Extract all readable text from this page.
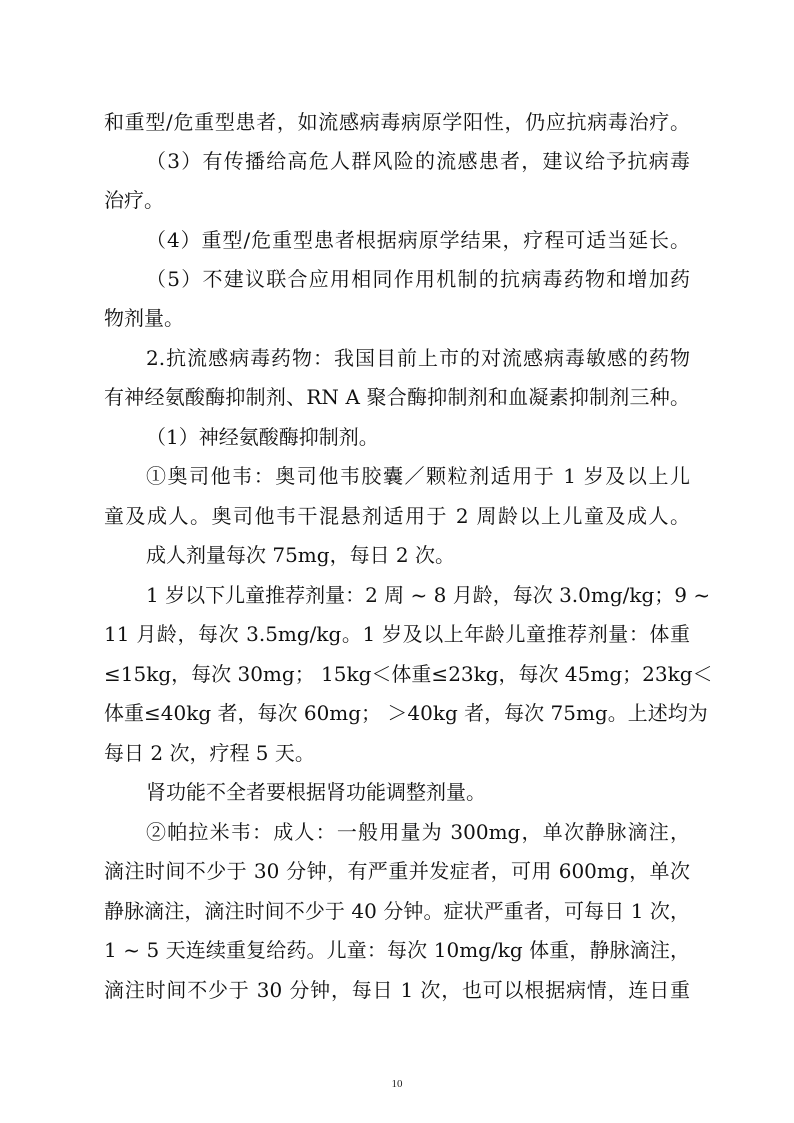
和重型/危重型患者，如流感病毒病原学阳性，仍应抗病毒治疗。
（3）有传播给高危人群风险的流感患者，建议给予抗病毒
治疗。
（4）重型/危重型患者根据病原学结果，疗程可适当延长。
（5）不建议联合应用相同作用机制的抗病毒药物和增加药
物剂量。
2.抗流感病毒药物：我国目前上市的对流感病毒敏感的药物
有神经氨酸酶抑制剂、RN A 聚合酶抑制剂和血凝素抑制剂三种。
（1）神经氨酸酶抑制剂。
①奥司他韦：奥司他韦胶囊／颗粒剂适用于 1 岁及以上儿
童及成人。奥司他韦干混悬剂适用于 2 周龄以上儿童及成人。
成人剂量每次 75mg，每日 2 次。
1 岁以下儿童推荐剂量：2 周 ~ 8 月龄，每次 3.0mg/kg；9 ~
11 月龄，每次 3.5mg/kg。1 岁及以上年龄儿童推荐剂量：体重
≤15kg，每次 30mg； 15kg＜体重≤23kg，每次 45mg；23kg＜
体重≤40kg 者，每次 60mg； ＞40kg 者，每次 75mg。上述均为
每日 2 次，疗程 5 天。
肾功能不全者要根据肾功能调整剂量。
②帕拉米韦：成人：一般用量为 300mg，单次静脉滴注，
滴注时间不少于 30 分钟，有严重并发症者，可用 600mg，单次
静脉滴注，滴注时间不少于 40 分钟。症状严重者，可每日 1 次，
1 ~ 5 天连续重复给药。儿童：每次 10mg/kg 体重，静脉滴注，
滴注时间不少于 30 分钟，每日 1 次，也可以根据病情，连日重
10
